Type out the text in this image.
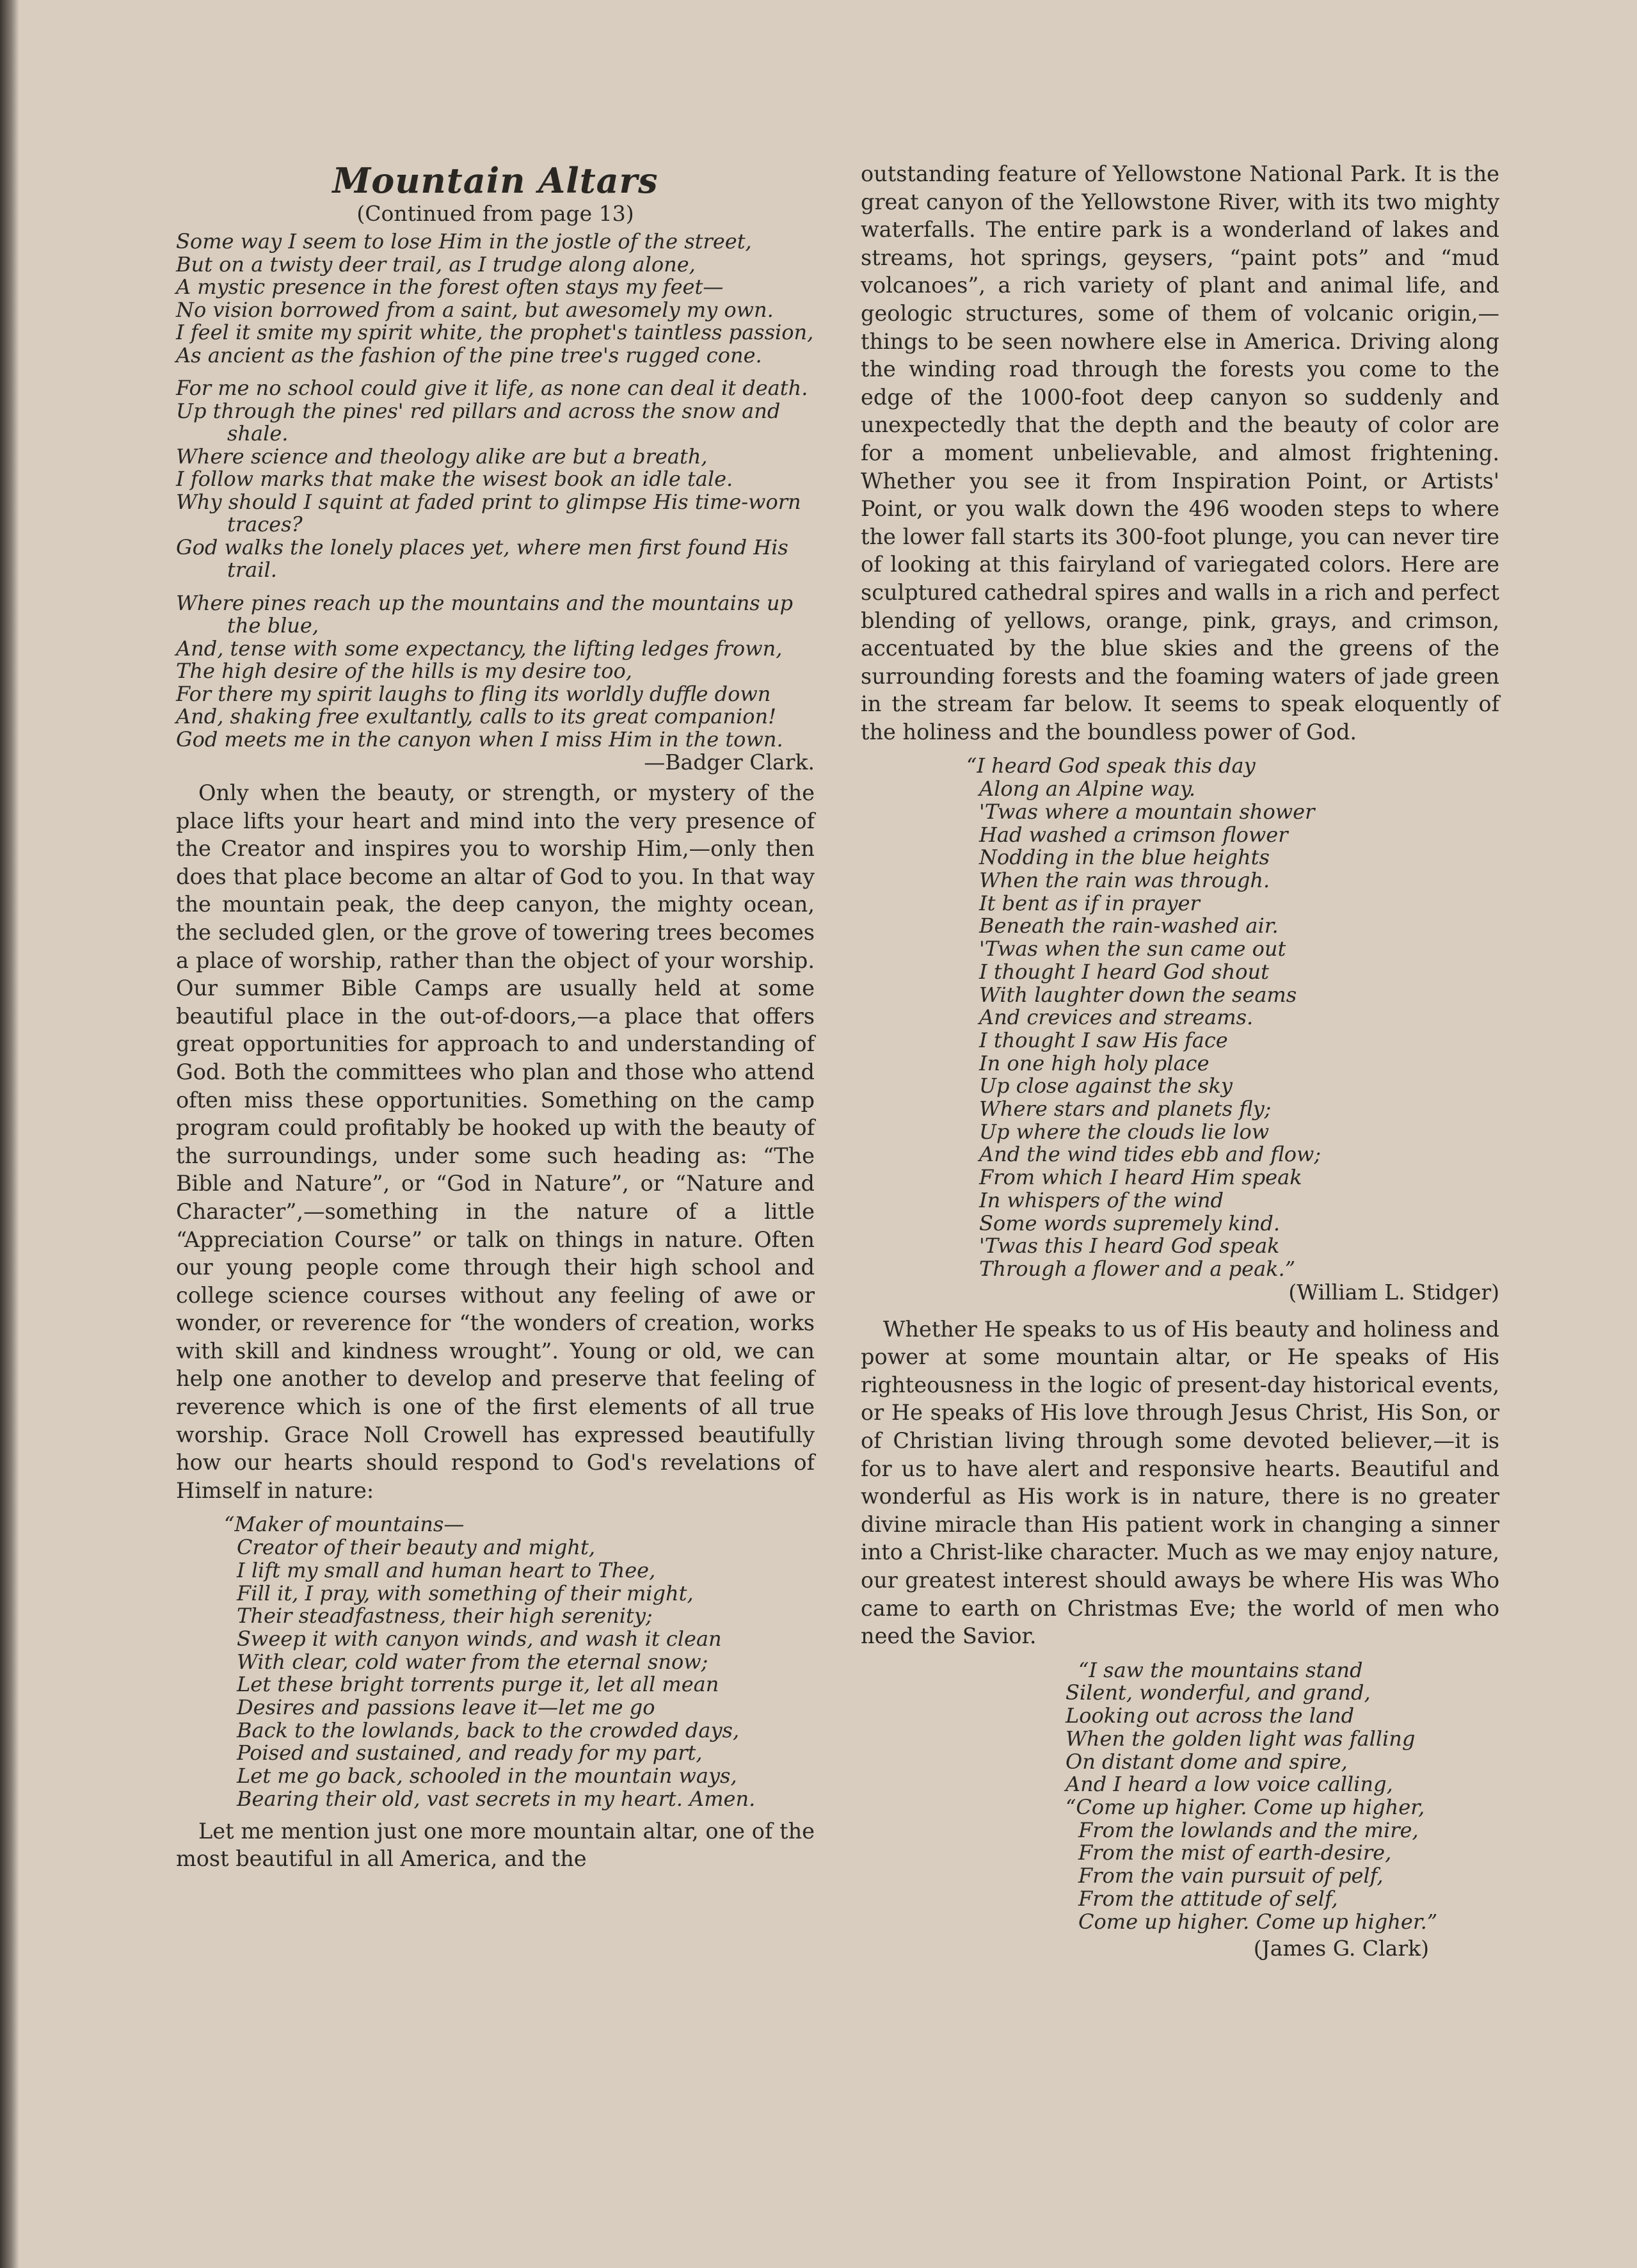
Mountain Altars
(Continued from page 13)
Some way I seem to lose Him in the jostle of the street,
But on a twisty deer trail, as I trudge along alone,
A mystic presence in the forest often stays my feet—
No vision borrowed from a saint, but awesomely my own.
I feel it smite my spirit white, the prophet's taintless passion,
As ancient as the fashion of the pine tree's rugged cone.
For me no school could give it life, as none can deal it death.
Up through the pines' red pillars and across the snow and shale.
Where science and theology alike are but a breath,
I follow marks that make the wisest book an idle tale.
Why should I squint at faded print to glimpse His time-worn traces?
God walks the lonely places yet, where men first found His trail.
Where pines reach up the mountains and the mountains up the blue,
And, tense with some expectancy, the lifting ledges frown,
The high desire of the hills is my desire too,
For there my spirit laughs to fling its worldly duffle down
And, shaking free exultantly, calls to its great companion!
God meets me in the canyon when I miss Him in the town.
—Badger Clark.

Only when the beauty, or strength, or mystery of the place lifts your heart and mind into the very presence of the Creator and inspires you to worship Him,—only then does that place become an altar of God to you. In that way the mountain peak, the deep canyon, the mighty ocean, the secluded glen, or the grove of towering trees becomes a place of worship, rather than the object of your worship. Our summer Bible Camps are usually held at some beautiful place in the out-of-doors,—a place that offers great opportunities for approach to and understanding of God. Both the committees who plan and those who attend often miss these opportunities. Something on the camp program could profitably be hooked up with the beauty of the surroundings, under some such heading as: “The Bible and Nature”, or “God in Nature”, or “Nature and Character”,—something in the nature of a little “Appreciation Course” or talk on things in nature. Often our young people come through their high school and college science courses without any feeling of awe or wonder, or reverence for “the wonders of creation, works with skill and kindness wrought”. Young or old, we can help one another to develop and preserve that feeling of reverence which is one of the first elements of all true worship. Grace Noll Crowell has expressed beautifully how our hearts should respond to God's revelations of Himself in nature:

“Maker of mountains—
Creator of their beauty and might,
I lift my small and human heart to Thee,
Fill it, I pray, with something of their might,
Their steadfastness, their high serenity;
Sweep it with canyon winds, and wash it clean
With clear, cold water from the eternal snow;
Let these bright torrents purge it, let all mean
Desires and passions leave it—let me go
Back to the lowlands, back to the crowded days,
Poised and sustained, and ready for my part,
Let me go back, schooled in the mountain ways,
Bearing their old, vast secrets in my heart. Amen.

Let me mention just one more mountain altar, one of the most beautiful in all America, and the

outstanding feature of Yellowstone National Park. It is the great canyon of the Yellowstone River, with its two mighty waterfalls. The entire park is a wonderland of lakes and streams, hot springs, geysers, “paint pots” and “mud volcanoes”, a rich variety of plant and animal life, and geologic structures, some of them of volcanic origin,—things to be seen nowhere else in America. Driving along the winding road through the forests you come to the edge of the 1000-foot deep canyon so suddenly and unexpectedly that the depth and the beauty of color are for a moment unbelievable, and almost frightening. Whether you see it from Inspiration Point, or Artists' Point, or you walk down the 496 wooden steps to where the lower fall starts its 300-foot plunge, you can never tire of looking at this fairyland of variegated colors. Here are sculptured cathedral spires and walls in a rich and perfect blending of yellows, orange, pink, grays, and crimson, accentuated by the blue skies and the greens of the surrounding forests and the foaming waters of jade green in the stream far below. It seems to speak eloquently of the holiness and the boundless power of God.

“I heard God speak this day
Along an Alpine way.
'Twas where a mountain shower
Had washed a crimson flower
Nodding in the blue heights
When the rain was through.
It bent as if in prayer
Beneath the rain-washed air.
'Twas when the sun came out
I thought I heard God shout
With laughter down the seams
And crevices and streams.
I thought I saw His face
In one high holy place
Up close against the sky
Where stars and planets fly;
Up where the clouds lie low
And the wind tides ebb and flow;
From which I heard Him speak
In whispers of the wind
Some words supremely kind.
'Twas this I heard God speak
Through a flower and a peak.”
(William L. Stidger)

Whether He speaks to us of His beauty and holiness and power at some mountain altar, or He speaks of His righteousness in the logic of present-day historical events, or He speaks of His love through Jesus Christ, His Son, or of Christian living through some devoted believer,—it is for us to have alert and responsive hearts. Beautiful and wonderful as His work is in nature, there is no greater divine miracle than His patient work in changing a sinner into a Christ-like character. Much as we may enjoy nature, our greatest interest should aways be where His was Who came to earth on Christmas Eve; the world of men who need the Savior.

“I saw the mountains stand
Silent, wonderful, and grand,
Looking out across the land
When the golden light was falling
On distant dome and spire,
And I heard a low voice calling,
“Come up higher. Come up higher,
From the lowlands and the mire,
From the mist of earth-desire,
From the vain pursuit of pelf,
From the attitude of self,
Come up higher. Come up higher.”
(James G. Clark)
